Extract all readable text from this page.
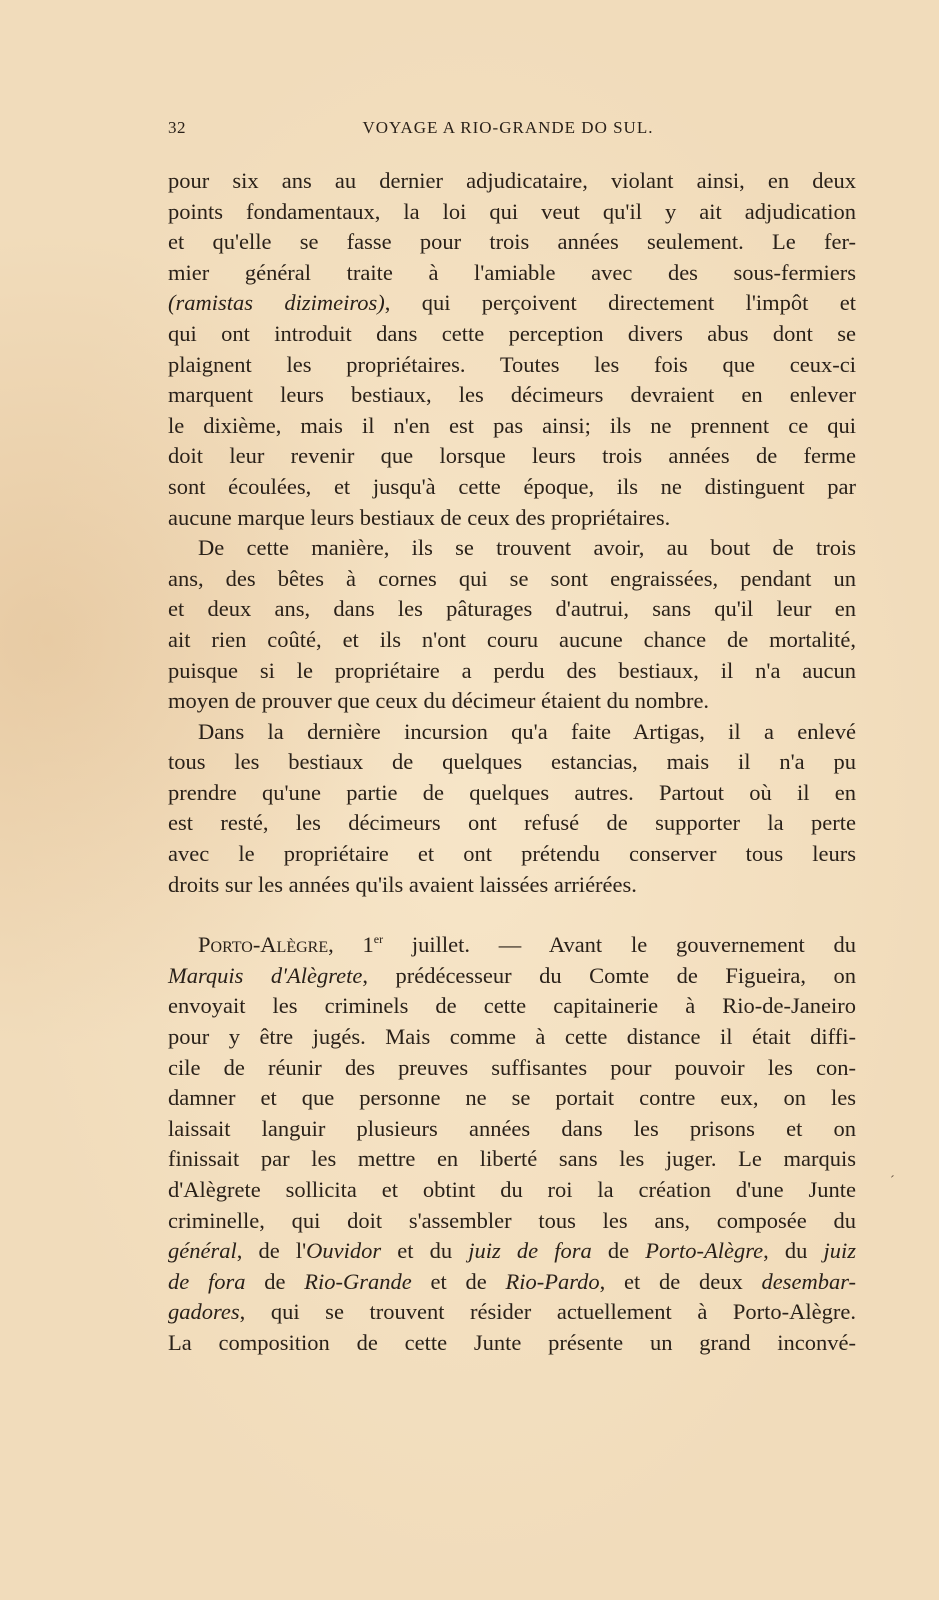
32	VOYAGE A RIO-GRANDE DO SUL.
pour six ans au dernier adjudicataire, violant ainsi, en deux
points fondamentaux, la loi qui veut qu'il y ait adjudication
et qu'elle se fasse pour trois années seulement. Le fer-
mier général traite à l'amiable avec des sous-fermiers
(ramistas dizimeiros), qui perçoivent directement l'impôt et
qui ont introduit dans cette perception divers abus dont se
plaignent les propriétaires. Toutes les fois que ceux-ci
marquent leurs bestiaux, les décimeurs devraient en enlever
le dixième, mais il n'en est pas ainsi; ils ne prennent ce qui
doit leur revenir que lorsque leurs trois années de ferme
sont écoulées, et jusqu'à cette époque, ils ne distinguent par
aucune marque leurs bestiaux de ceux des propriétaires.
De cette manière, ils se trouvent avoir, au bout de trois
ans, des bêtes à cornes qui se sont engraissées, pendant un
et deux ans, dans les pâturages d'autrui, sans qu'il leur en
ait rien coûté, et ils n'ont couru aucune chance de mortalité,
puisque si le propriétaire a perdu des bestiaux, il n'a aucun
moyen de prouver que ceux du décimeur étaient du nombre.
Dans la dernière incursion qu'a faite Artigas, il a enlevé
tous les bestiaux de quelques estancias, mais il n'a pu
prendre qu'une partie de quelques autres. Partout où il en
est resté, les décimeurs ont refusé de supporter la perte
avec le propriétaire et ont prétendu conserver tous leurs
droits sur les années qu'ils avaient laissées arriérées.
Porto-Alègre, 1er juillet. — Avant le gouvernement du
Marquis d'Alègrete, prédécesseur du Comte de Figueira, on
envoyait les criminels de cette capitainerie à Rio-de-Janeiro
pour y être jugés. Mais comme à cette distance il était diffi-
cile de réunir des preuves suffisantes pour pouvoir les con-
damner et que personne ne se portait contre eux, on les
laissait languir plusieurs années dans les prisons et on
finissait par les mettre en liberté sans les juger. Le marquis
d'Alègrete sollicita et obtint du roi la création d'une Junte
criminelle, qui doit s'assembler tous les ans, composée du
général, de l'Ouvidor et du juiz de fora de Porto-Alègre, du juiz
de fora de Rio-Grande et de Rio-Pardo, et de deux desembar-
gadores, qui se trouvent résider actuellement à Porto-Alègre.
La composition de cette Junte présente un grand inconvé-
´
